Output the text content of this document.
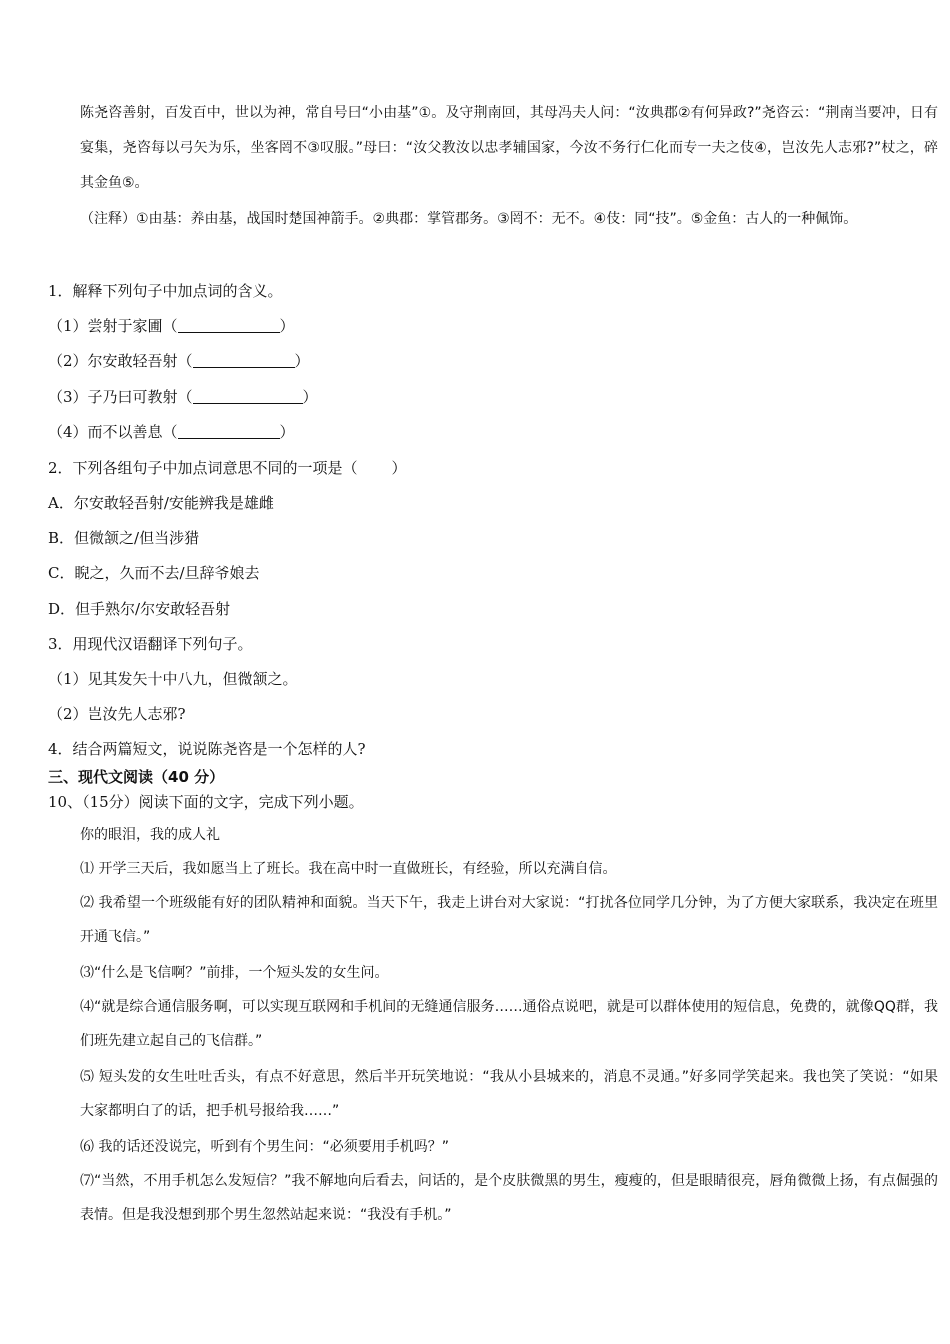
陈尧咨善射，百发百中，世以为神，常自号曰“小由基”①。及守荆南回，其母冯夫人问：“汝典郡②有何异政?”尧咨云：“荆南当要冲，日有宴集，尧咨每以弓矢为乐，坐客罔不③叹服。”母曰：“汝父教汝以忠孝辅国家，今汝不务行仁化而专一夫之伎④，岂汝先人志邪?”杖之，碎其金鱼⑤。
（注释）①由基：养由基，战国时楚国神箭手。②典郡：掌管郡务。③罔不：无不。④伎：同“技”。⑤金鱼：古人的一种佩饰。
1．解释下列句子中加点词的含义。
（1）尝射于家圃（	）
（2）尔安敢轻吾射（	）
（3）子乃曰可教射（	）
（4）而不以善息（	）
2．下列各组句子中加点词意思不同的一项是（ ）
A．尔安敢轻吾射/安能辨我是雄雌
B．但微颔之/但当涉猎
C．睨之，久而不去/旦辞爷娘去
D．但手熟尔/尔安敢轻吾射
3．用现代汉语翻译下列句子。
（1）见其发矢十中八九，但微颔之。
（2）岂汝先人志邪?
4．结合两篇短文，说说陈尧咨是一个怎样的人?
三、现代文阅读（40 分）
10、（15分）阅读下面的文字，完成下列小题。
你的眼泪，我的成人礼
⑴ 开学三天后，我如愿当上了班长。我在高中时一直做班长，有经验，所以充满自信。
⑵ 我希望一个班级能有好的团队精神和面貌。当天下午，我走上讲台对大家说：“打扰各位同学几分钟，为了方便大家联系，我决定在班里开通飞信。”
⑶“什么是飞信啊？”前排，一个短头发的女生问。
⑷“就是综合通信服务啊，可以实现互联网和手机间的无缝通信服务……通俗点说吧，就是可以群体使用的短信息，免费的，就像QQ群，我们班先建立起自己的飞信群。”
⑸ 短头发的女生吐吐舌头，有点不好意思，然后半开玩笑地说：“我从小县城来的，消息不灵通。”好多同学笑起来。我也笑了笑说：“如果大家都明白了的话，把手机号报给我……”
⑹ 我的话还没说完，听到有个男生问：“必须要用手机吗？”
⑺“当然，不用手机怎么发短信？”我不解地向后看去，问话的，是个皮肤微黑的男生，瘦瘦的，但是眼睛很亮，唇角微微上扬，有点倔强的表情。但是我没想到那个男生忽然站起来说：“我没有手机。”
